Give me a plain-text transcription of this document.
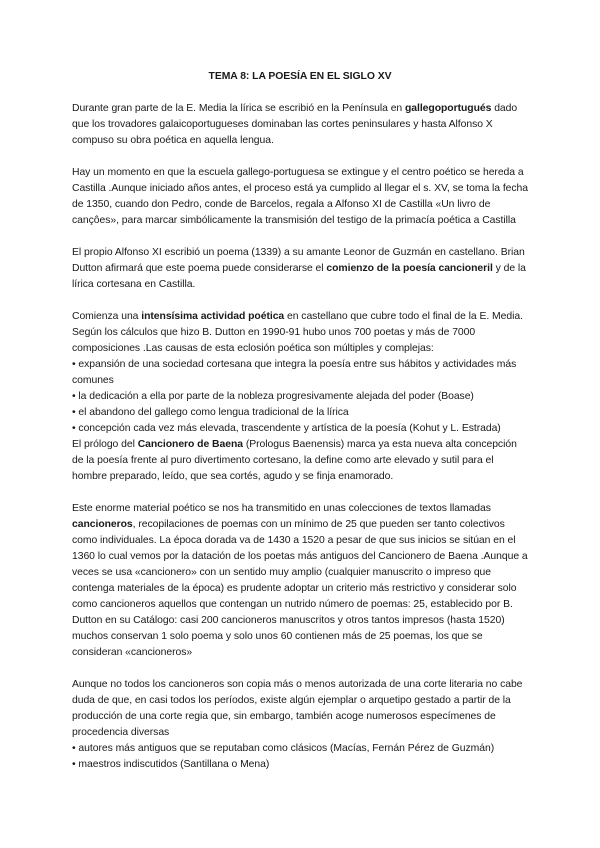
TEMA 8: LA POESÍA EN EL SIGLO XV

Durante gran parte de la E. Media la lírica se escribió en la Península en gallegoportugués dado que los trovadores galaicoportugueses dominaban las cortes peninsulares y hasta Alfonso X compuso su obra poética en aquella lengua.

Hay un momento en que la escuela gallego-portuguesa se extingue y el centro poético se hereda a Castilla .Aunque iniciado años antes, el proceso está ya cumplido al llegar el s. XV, se toma la fecha de 1350, cuando don Pedro, conde de Barcelos, regala a Alfonso XI de Castilla «Un livro de cançôes», para marcar simbólicamente la transmisión del testigo de la primacía poética a Castilla

El propio Alfonso XI escribió un poema (1339) a su amante Leonor de Guzmán en castellano. Brian Dutton afirmará que este poema puede considerarse el comienzo de la poesía cancioneril y de la lírica cortesana en Castilla.

Comienza una intensísima actividad poética en castellano que cubre todo el final de la E. Media. Según los cálculos que hizo B. Dutton en 1990-91 hubo unos 700 poetas y más de 7000 composiciones .Las causas de esta eclosión poética son múltiples y complejas:

• expansión de una sociedad cortesana que integra la poesía entre sus hábitos y actividades más comunes

• la dedicación a ella por parte de la nobleza progresivamente alejada del poder (Boase)

• el abandono del gallego como lengua tradicional de la lírica

• concepción cada vez más elevada, trascendente y artística de la poesía (Kohut y L. Estrada)

El prólogo del Cancionero de Baena (Prologus Baenensis) marca ya esta nueva alta concepción de la poesía frente al puro divertimento cortesano, la define como arte elevado y sutil para el hombre preparado, leído, que sea cortés, agudo y se finja enamorado.

Este enorme material poético se nos ha transmitido en unas colecciones de textos llamadas cancioneros, recopilaciones de poemas con un mínimo de 25 que pueden ser tanto colectivos como individuales. La época dorada va de 1430 a 1520 a pesar de que sus inicios se sitúan en el 1360 lo cual vemos por la datación de los poetas más antiguos del Cancionero de Baena .Aunque a veces se usa «cancionero» con un sentido muy amplio (cualquier manuscrito o impreso que contenga materiales de la época) es prudente adoptar un criterio más restrictivo y considerar solo como cancioneros aquellos que contengan un nutrido número de poemas: 25, establecido por B. Dutton en su Catálogo: casi 200 cancioneros manuscritos y otros tantos impresos (hasta 1520) muchos conservan 1 solo poema y solo unos 60 contienen más de 25 poemas, los que se consideran «cancioneros»

Aunque no todos los cancioneros son copia más o menos autorizada de una corte literaria no cabe duda de que, en casi todos los períodos, existe algún ejemplar o arquetipo gestado a partir de la producción de una corte regia que, sin embargo, también acoge numerosos especímenes de procedencia diversas

• autores más antiguos que se reputaban como clásicos (Macías, Fernán Pérez de Guzmán)

• maestros indiscutidos (Santillana o Mena)
